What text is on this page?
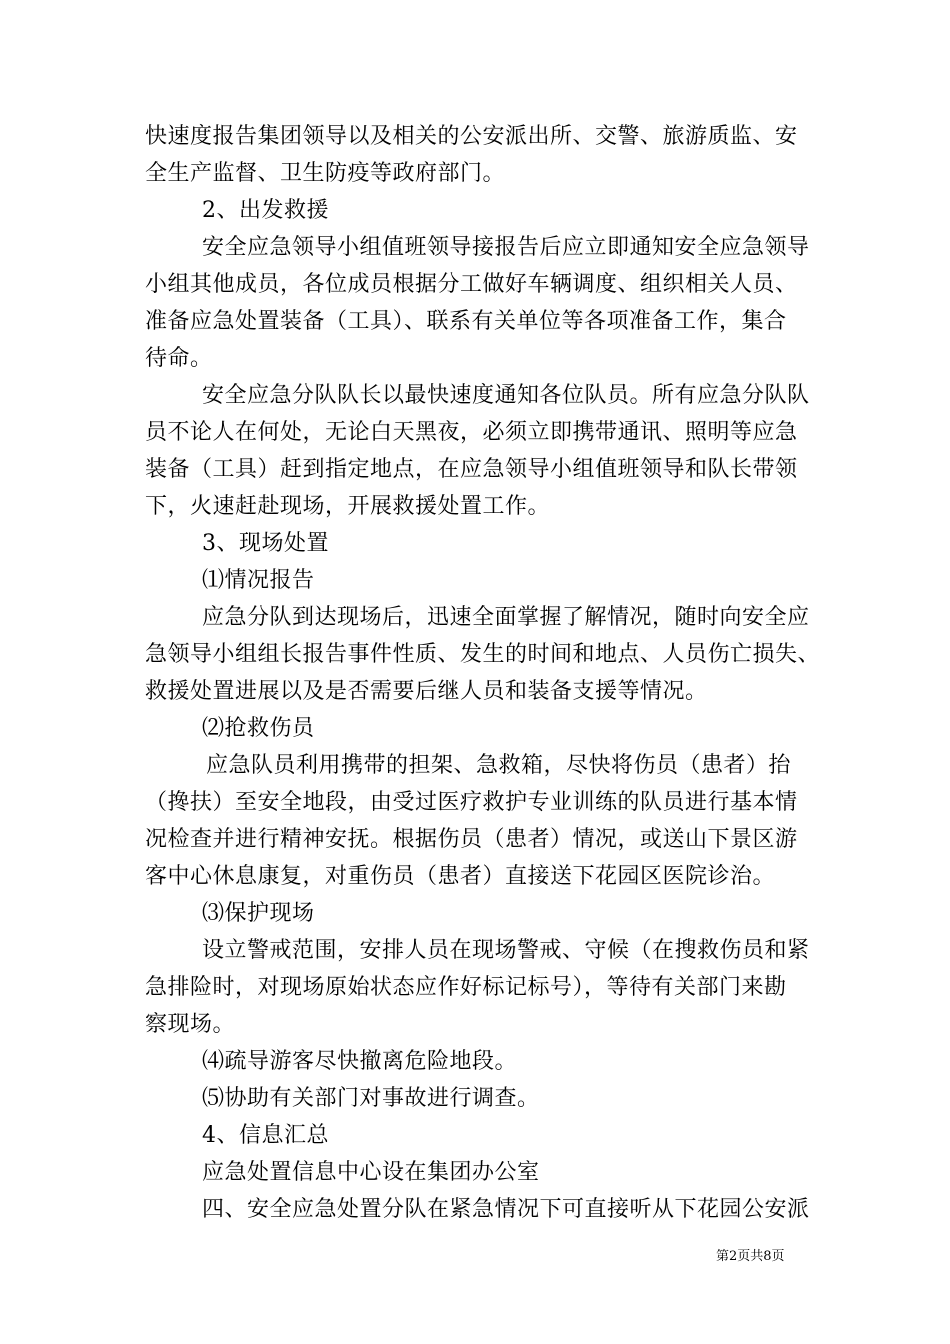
快速度报告集团领导以及相关的公安派出所、交警、旅游质监、安
全生产监督、卫生防疫等政府部门。
2、出发救援
安全应急领导小组值班领导接报告后应立即通知安全应急领导
小组其他成员，各位成员根据分工做好车辆调度、组织相关人员、
准备应急处置装备（工具）、联系有关单位等各项准备工作，集合
待命。
安全应急分队队长以最快速度通知各位队员。所有应急分队队
员不论人在何处，无论白天黑夜，必须立即携带通讯、照明等应急
装备（工具）赶到指定地点，在应急领导小组值班领导和队长带领
下，火速赶赴现场，开展救援处置工作。
3、现场处置
⑴情况报告
应急分队到达现场后，迅速全面掌握了解情况，随时向安全应
急领导小组组长报告事件性质、发生的时间和地点、人员伤亡损失、
救援处置进展以及是否需要后继人员和装备支援等情况。
⑵抢救伤员
应急队员利用携带的担架、急救箱，尽快将伤员（患者）抬
（搀扶）至安全地段，由受过医疗救护专业训练的队员进行基本情
况检查并进行精神安抚。根据伤员（患者）情况，或送山下景区游
客中心休息康复，对重伤员（患者）直接送下花园区医院诊治。
⑶保护现场
设立警戒范围，安排人员在现场警戒、守候（在搜救伤员和紧
急排险时，对现场原始状态应作好标记标号），等待有关部门来勘
察现场。
⑷疏导游客尽快撤离危险地段。
⑸协助有关部门对事故进行调查。
4、信息汇总
应急处置信息中心设在集团办公室
四、安全应急处置分队在紧急情况下可直接听从下花园公安派
第2页共8页
